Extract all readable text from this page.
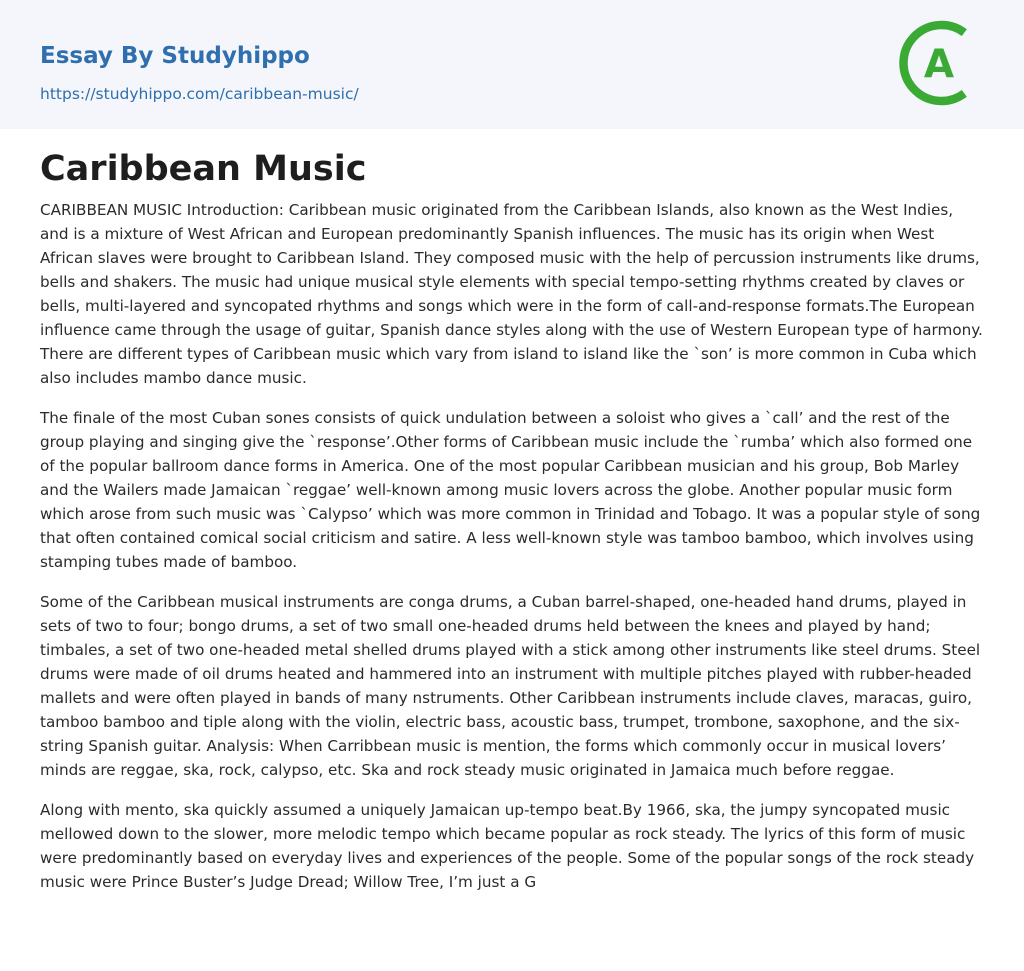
Essay By Studyhippo
https://studyhippo.com/caribbean-music/
A
Caribbean Music

CARIBBEAN MUSIC Introduction: Caribbean music originated from the Caribbean Islands, also known as the West Indies, and is a mixture of West African and European predominantly Spanish influences. The music has its origin when West African slaves were brought to Caribbean Island. They composed music with the help of percussion instruments like drums, bells and shakers. The music had unique musical style elements with special tempo-setting rhythms created by claves or bells, multi-layered and syncopated rhythms and songs which were in the form of call-and-response formats.The European influence came through the usage of guitar, Spanish dance styles along with the use of Western European type of harmony. There are different types of Caribbean music which vary from island to island like the `son’ is more common in Cuba which also includes mambo dance music.

The finale of the most Cuban sones consists of quick undulation between a soloist who gives a `call’ and the rest of the group playing and singing give the `response’.Other forms of Caribbean music include the `rumba’ which also formed one of the popular ballroom dance forms in America. One of the most popular Caribbean musician and his group, Bob Marley and the Wailers made Jamaican `reggae’ well-known among music lovers across the globe. Another popular music form which arose from such music was `Calypso’ which was more common in Trinidad and Tobago. It was a popular style of song that often contained comical social criticism and satire. A less well-known style was tamboo bamboo, which involves using stamping tubes made of bamboo.

Some of the Caribbean musical instruments are conga drums, a Cuban barrel-shaped, one-headed hand drums, played in sets of two to four; bongo drums, a set of two small one-headed drums held between the knees and played by hand; timbales, a set of two one-headed metal shelled drums played with a stick among other instruments like steel drums. Steel drums were made of oil drums heated and hammered into an instrument with multiple pitches played with rubber-headed mallets and were often played in bands of many nstruments. Other Caribbean instruments include claves, maracas, guiro, tamboo bamboo and tiple along with the violin, electric bass, acoustic bass, trumpet, trombone, saxophone, and the six-string Spanish guitar. Analysis: When Carribbean music is mention, the forms which commonly occur in musical lovers’ minds are reggae, ska, rock, calypso, etc. Ska and rock steady music originated in Jamaica much before reggae.

Along with mento, ska quickly assumed a uniquely Jamaican up-tempo beat.By 1966, ska, the jumpy syncopated music mellowed down to the slower, more melodic tempo which became popular as rock steady. The lyrics of this form of music were predominantly based on everyday lives and experiences of the people. Some of the popular songs of the rock steady music were Prince Buster’s Judge Dread; Willow Tree, I’m just a G
